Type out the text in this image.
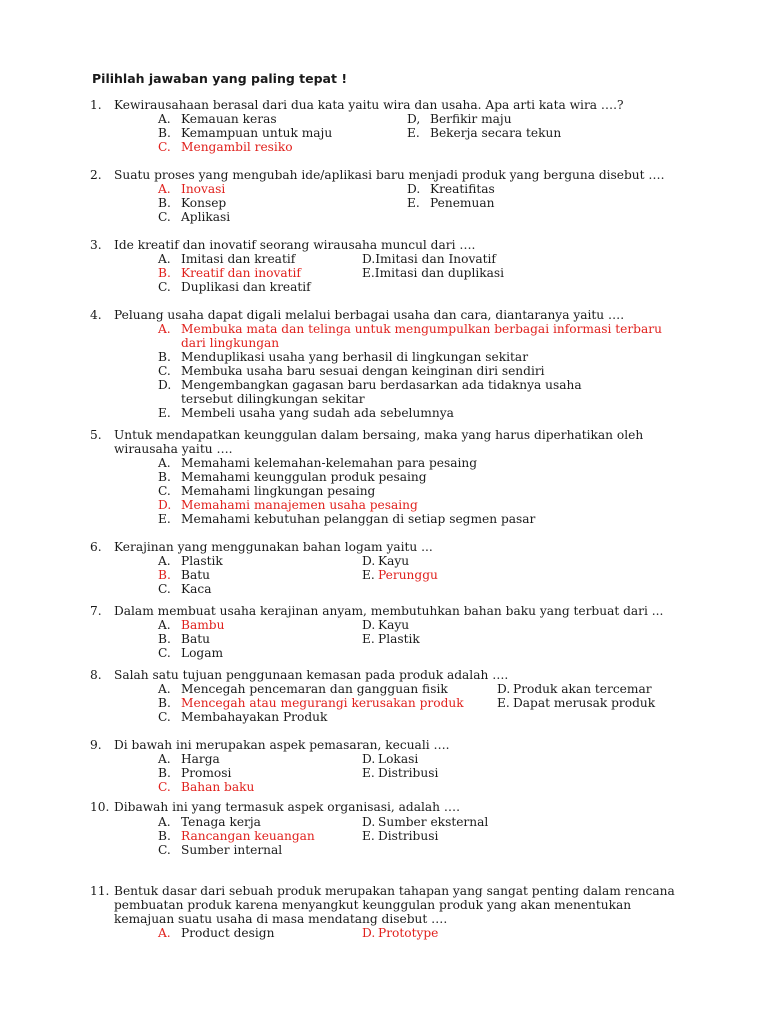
Pilihlah jawaban yang paling tepat !
1. Kewirausahaan berasal dari dua kata yaitu wira dan usaha. Apa arti kata wira ….?
A. Kemauan keras
B. Kemampuan untuk maju
C. Mengambil resiko
D, Berfikir maju
E. Bekerja secara tekun
2. Suatu proses yang mengubah ide/aplikasi baru menjadi produk yang berguna disebut ….
A. Inovasi
B. Konsep
C. Aplikasi
D. Kreatifitas
E. Penemuan
3. Ide kreatif dan inovatif seorang wirausaha muncul dari ….
A. Imitasi dan kreatif
B. Kreatif dan inovatif
C. Duplikasi dan kreatif
D.Imitasi dan Inovatif
E.Imitasi dan duplikasi
4. Peluang usaha dapat digali melalui berbagai usaha dan cara, diantaranya yaitu ….
A. Membuka mata dan telinga untuk mengumpulkan berbagai informasi terbaru dari lingkungan
B. Menduplikasi usaha yang berhasil di lingkungan sekitar
C. Membuka usaha baru sesuai dengan keinginan diri sendiri
D. Mengembangkan gagasan baru berdasarkan ada tidaknya usaha tersebut dilingkungan sekitar
E. Membeli usaha yang sudah ada sebelumnya
5. Untuk mendapatkan keunggulan dalam bersaing, maka yang harus diperhatikan oleh wirausaha yaitu ….
A. Memahami kelemahan-kelemahan para pesaing
B. Memahami keunggulan produk pesaing
C. Memahami lingkungan pesaing
D. Memahami manajemen usaha pesaing
E. Memahami kebutuhan pelanggan di setiap segmen pasar
6. Kerajinan yang menggunakan bahan logam yaitu ...
A. Plastik
B. Batu
C. Kaca
D. Kayu
E. Perunggu
7. Dalam membuat usaha kerajinan anyam, membutuhkan bahan baku yang terbuat dari ...
A. Bambu
B. Batu
C. Logam
D. Kayu
E. Plastik
8. Salah satu tujuan penggunaan kemasan pada produk adalah ….
A. Mencegah pencemaran dan gangguan fisik
B. Mencegah atau megurangi kerusakan produk
C. Membahayakan Produk
D. Produk akan tercemar
E. Dapat merusak produk
9. Di bawah ini merupakan aspek pemasaran, kecuali ….
A. Harga
B. Promosi
C. Bahan baku
D. Lokasi
E. Distribusi
10. Dibawah ini yang termasuk aspek organisasi, adalah ….
A. Tenaga kerja
B. Rancangan keuangan
C. Sumber internal
D. Sumber eksternal
E. Distribusi
11. Bentuk dasar dari sebuah produk merupakan tahapan yang sangat penting dalam rencana pembuatan produk karena menyangkut keunggulan produk yang akan menentukan kemajuan suatu usaha di masa mendatang disebut ….
A. Product design	D. Prototype
